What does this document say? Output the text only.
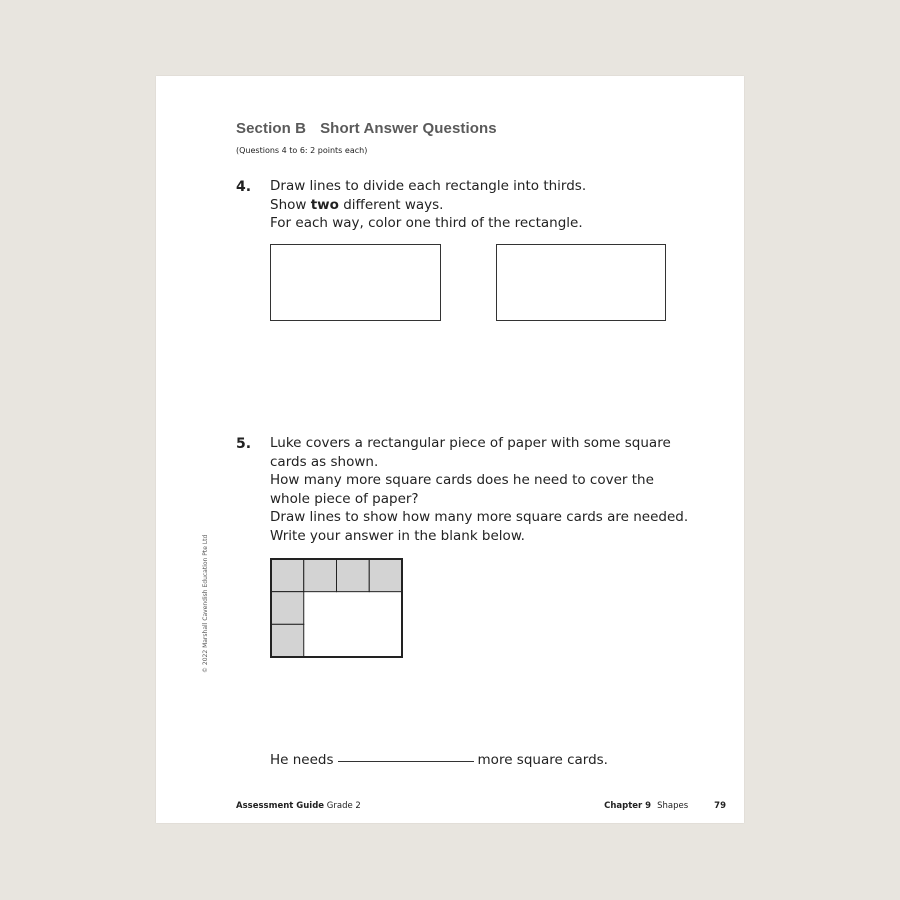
Section B Short Answer Questions
(Questions 4 to 6: 2 points each)
4. Draw lines to divide each rectangle into thirds.
Show two different ways.
For each way, color one third of the rectangle.
5. Luke covers a rectangular piece of paper with some square
cards as shown.
How many more square cards does he need to cover the
whole piece of paper?
Draw lines to show how many more square cards are needed.
Write your answer in the blank below.
He needs	more square cards.
Assessment Guide Grade 2	Chapter 9 Shapes	79
© 2022 Marshall Cavendish Education Pte Ltd
